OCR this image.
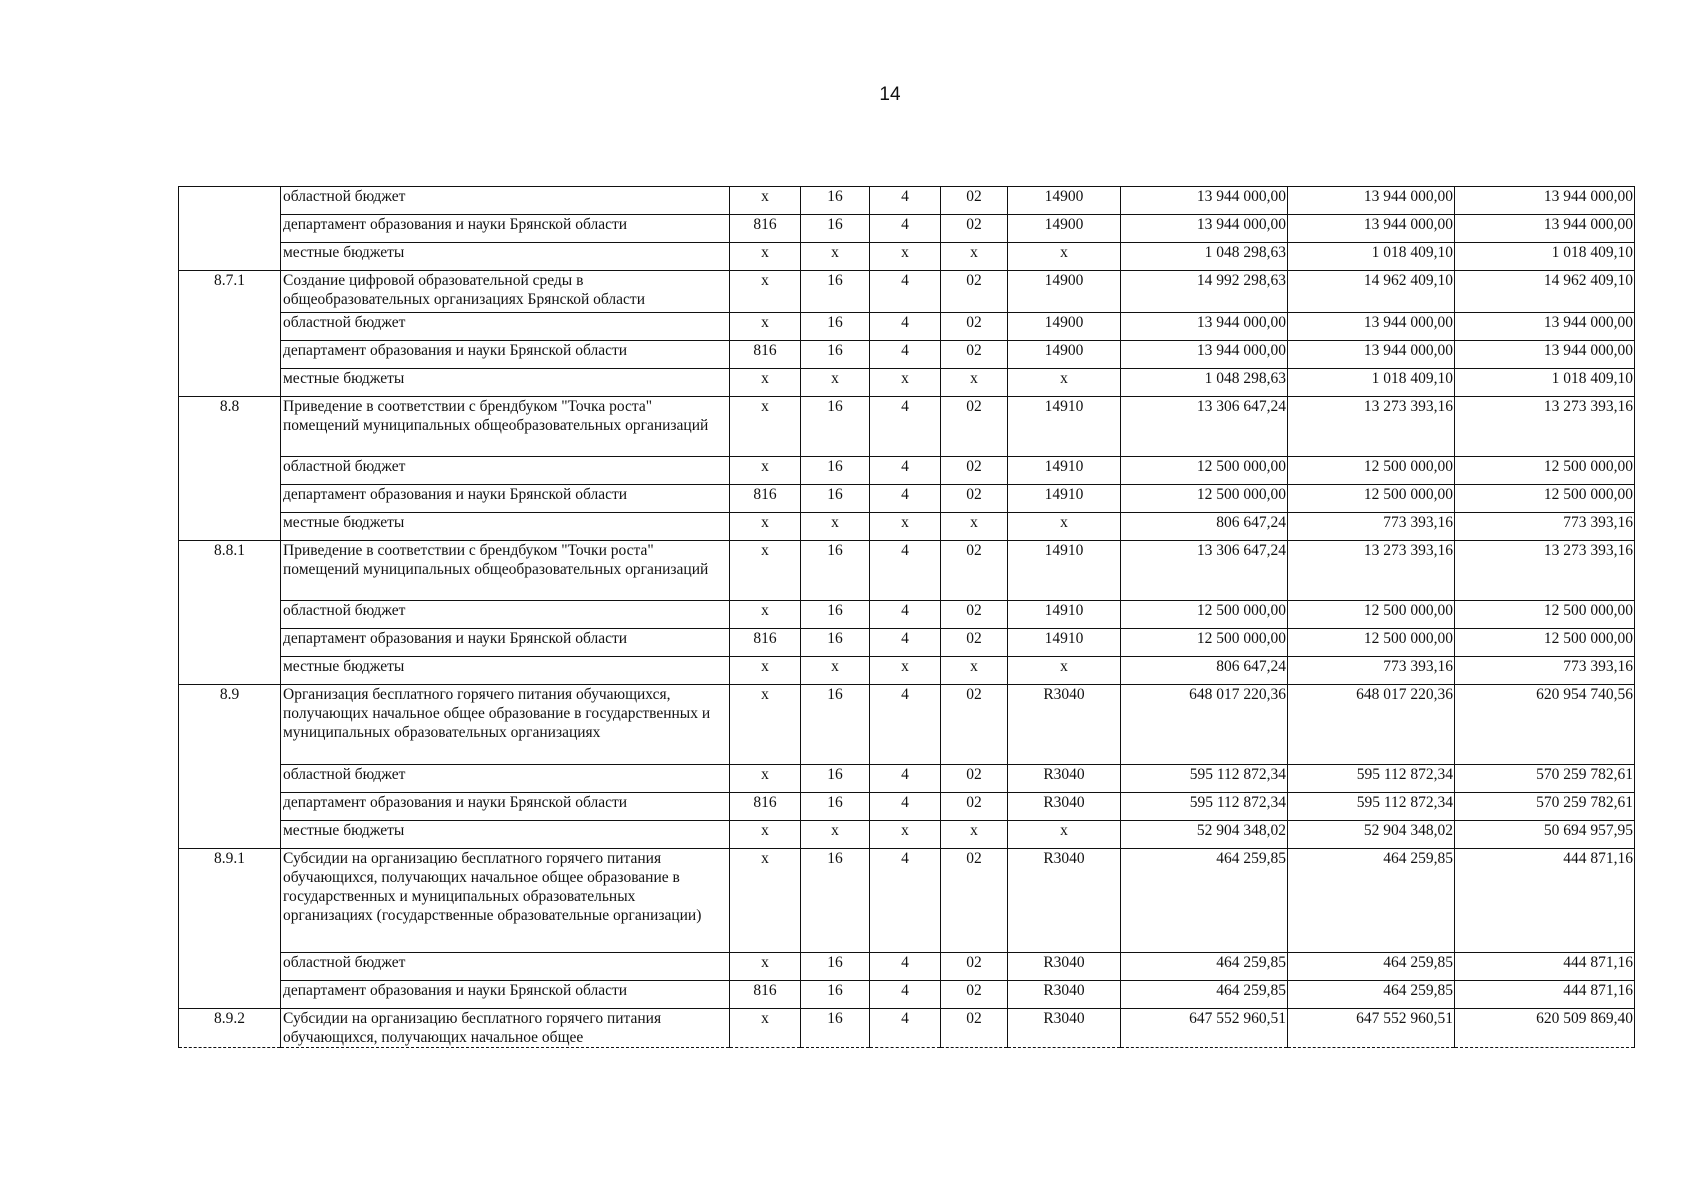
14
	областной бюджет	х	16	4	02	14900	13 944 000,00	13 944 000,00	13 944 000,00
	департамент образования и науки Брянской области	816	16	4	02	14900	13 944 000,00	13 944 000,00	13 944 000,00
	местные бюджеты	х	х	х	х	х	1 048 298,63	1 018 409,10	1 018 409,10
8.7.1	Создание цифровой образовательной среды в общеобразовательных организациях Брянской области	х	16	4	02	14900	14 992 298,63	14 962 409,10	14 962 409,10
	областной бюджет	х	16	4	02	14900	13 944 000,00	13 944 000,00	13 944 000,00
	департамент образования и науки Брянской области	816	16	4	02	14900	13 944 000,00	13 944 000,00	13 944 000,00
	местные бюджеты	х	х	х	х	х	1 048 298,63	1 018 409,10	1 018 409,10
8.8	Приведение в соответствии с брендбуком "Точка роста" помещений муниципальных общеобразовательных организаций	х	16	4	02	14910	13 306 647,24	13 273 393,16	13 273 393,16
	областной бюджет	х	16	4	02	14910	12 500 000,00	12 500 000,00	12 500 000,00
	департамент образования и науки Брянской области	816	16	4	02	14910	12 500 000,00	12 500 000,00	12 500 000,00
	местные бюджеты	х	х	х	х	х	806 647,24	773 393,16	773 393,16
8.8.1	Приведение в соответствии с брендбуком "Точки роста" помещений муниципальных общеобразовательных организаций	х	16	4	02	14910	13 306 647,24	13 273 393,16	13 273 393,16
	областной бюджет	х	16	4	02	14910	12 500 000,00	12 500 000,00	12 500 000,00
	департамент образования и науки Брянской области	816	16	4	02	14910	12 500 000,00	12 500 000,00	12 500 000,00
	местные бюджеты	х	х	х	х	х	806 647,24	773 393,16	773 393,16
8.9	Организация бесплатного горячего питания обучающихся, получающих начальное общее образование в государственных и муниципальных образовательных организациях	х	16	4	02	R3040	648 017 220,36	648 017 220,36	620 954 740,56
	областной бюджет	х	16	4	02	R3040	595 112 872,34	595 112 872,34	570 259 782,61
	департамент образования и науки Брянской области	816	16	4	02	R3040	595 112 872,34	595 112 872,34	570 259 782,61
	местные бюджеты	х	х	х	х	х	52 904 348,02	52 904 348,02	50 694 957,95
8.9.1	Субсидии на организацию бесплатного горячего питания обучающихся, получающих начальное общее образование в государственных и муниципальных образовательных организациях (государственные образовательные организации)	х	16	4	02	R3040	464 259,85	464 259,85	444 871,16
	областной бюджет	х	16	4	02	R3040	464 259,85	464 259,85	444 871,16
	департамент образования и науки Брянской области	816	16	4	02	R3040	464 259,85	464 259,85	444 871,16
8.9.2	Субсидии на организацию бесплатного горячего питания обучающихся, получающих начальное общее	х	16	4	02	R3040	647 552 960,51	647 552 960,51	620 509 869,40
